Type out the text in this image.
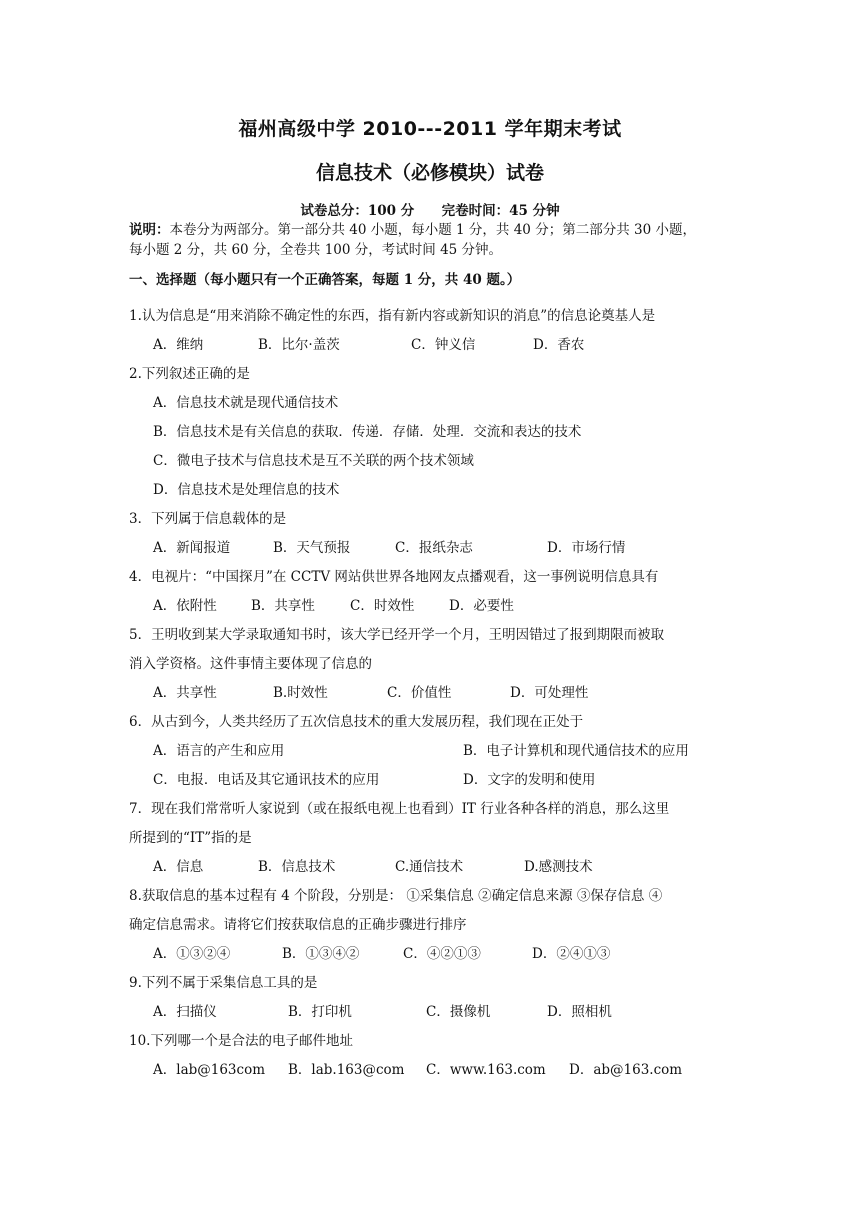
福州高级中学 2010---2011 学年期末考试
信息技术（必修模块）试卷
试卷总分：100 分 完卷时间：45 分钟
说明：本卷分为两部分。第一部分共 40 小题，每小题 1 分，共 40 分；第二部分共 30 小题，
每小题 2 分，共 60 分，全卷共 100 分，考试时间 45 分钟。
一、选择题（每小题只有一个正确答案，每题 1 分，共 40 题。）
1.认为信息是“用来消除不确定性的东西，指有新内容或新知识的消息”的信息论奠基人是
A．维纳	B．比尔·盖茨	C．钟义信	D．香农
2.下列叙述正确的是
A．信息技术就是现代通信技术
B．信息技术是有关信息的获取．传递．存储．处理．交流和表达的技术
C．微电子技术与信息技术是互不关联的两个技术领域
D．信息技术是处理信息的技术
3．下列属于信息载体的是
A．新闻报道	B．天气预报	C．报纸杂志	D．市场行情
4．电视片：“中国探月”在 CCTV 网站供世界各地网友点播观看，这一事例说明信息具有
A．依附性	B．共享性	C．时效性	D．必要性
5．王明收到某大学录取通知书时，该大学已经开学一个月，王明因错过了报到期限而被取
消入学资格。这件事情主要体现了信息的
A．共享性	B.时效性	C．价值性	D．可处理性
6．从古到今，人类共经历了五次信息技术的重大发展历程，我们现在正处于
A．语言的产生和应用	B．电子计算机和现代通信技术的应用
C．电报．电话及其它通讯技术的应用	D．文字的发明和使用
7．现在我们常常听人家说到（或在报纸电视上也看到）IT 行业各种各样的消息，那么这里
所提到的“IT”指的是
A．信息	B．信息技术	C.通信技术	D.感测技术
8.获取信息的基本过程有 4 个阶段，分别是： ①采集信息 ②确定信息来源 ③保存信息 ④
确定信息需求。请将它们按获取信息的正确步骤进行排序
A．①③②④	B．①③④②	C．④②①③	D．②④①③
9.下列不属于采集信息工具的是
A．扫描仪	B．打印机	C．摄像机	D．照相机
10.下列哪一个是合法的电子邮件地址
A．lab@163com B．lab.163@com C．www.163.com D．ab@163.com
